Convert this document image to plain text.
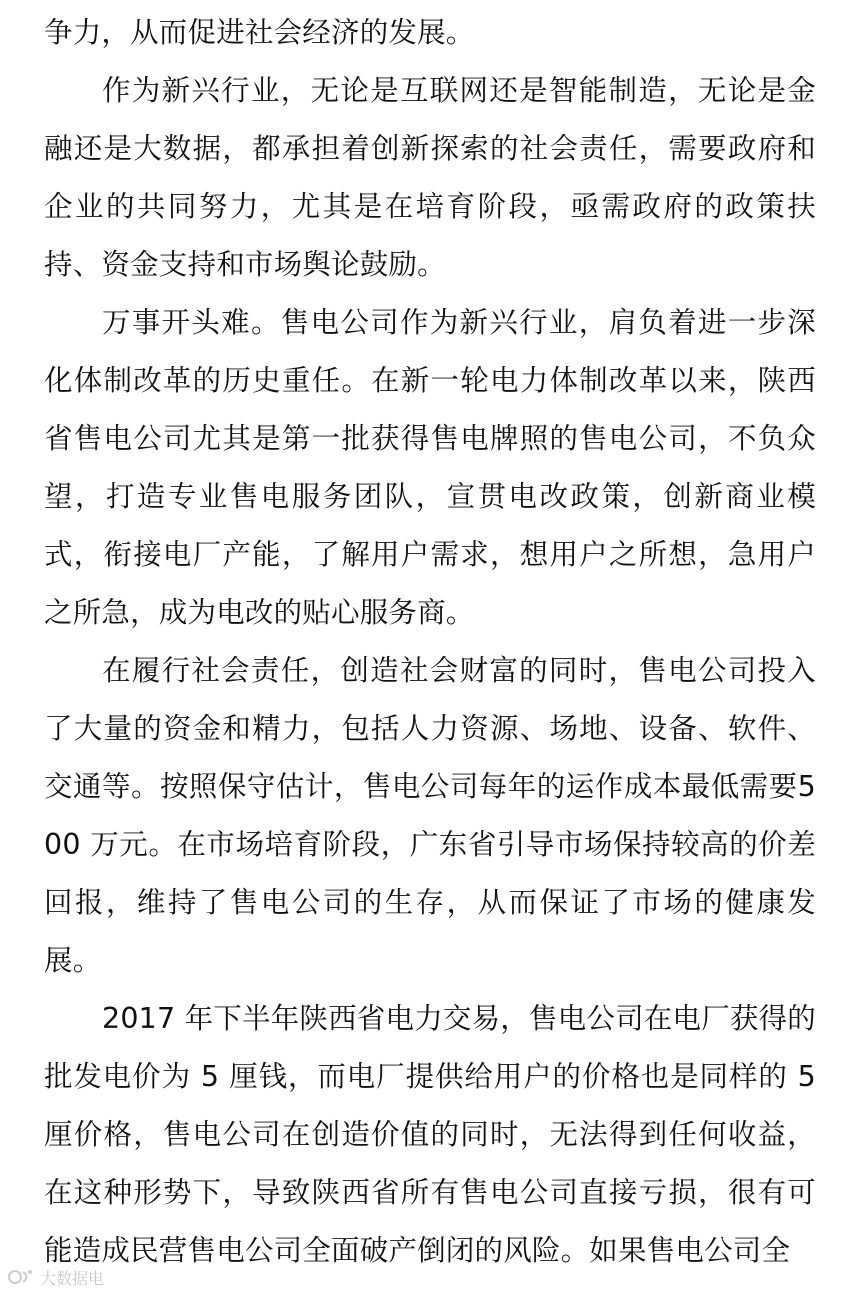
争力，从而促进社会经济的发展。

作为新兴行业，无论是互联网还是智能制造，无论是金融还是大数据，都承担着创新探索的社会责任，需要政府和企业的共同努力，尤其是在培育阶段，亟需政府的政策扶持、资金支持和市场舆论鼓励。

万事开头难。售电公司作为新兴行业，肩负着进一步深化体制改革的历史重任。在新一轮电力体制改革以来，陕西省售电公司尤其是第一批获得售电牌照的售电公司，不负众望，打造专业售电服务团队，宣贯电改政策，创新商业模式，衔接电厂产能，了解用户需求，想用户之所想，急用户之所急，成为电改的贴心服务商。

在履行社会责任，创造社会财富的同时，售电公司投入了大量的资金和精力，包括人力资源、场地、设备、软件、交通等。按照保守估计，售电公司每年的运作成本最低需要500 万元。在市场培育阶段，广东省引导市场保持较高的价差回报，维持了售电公司的生存，从而保证了市场的健康发展。

2017 年下半年陕西省电力交易，售电公司在电厂获得的批发电价为 5 厘钱，而电厂提供给用户的价格也是同样的 5 厘价格，售电公司在创造价值的同时，无法得到任何收益，在这种形势下，导致陕西省所有售电公司直接亏损，很有可能造成民营售电公司全面破产倒闭的风险。如果售电公司全

大数据电
